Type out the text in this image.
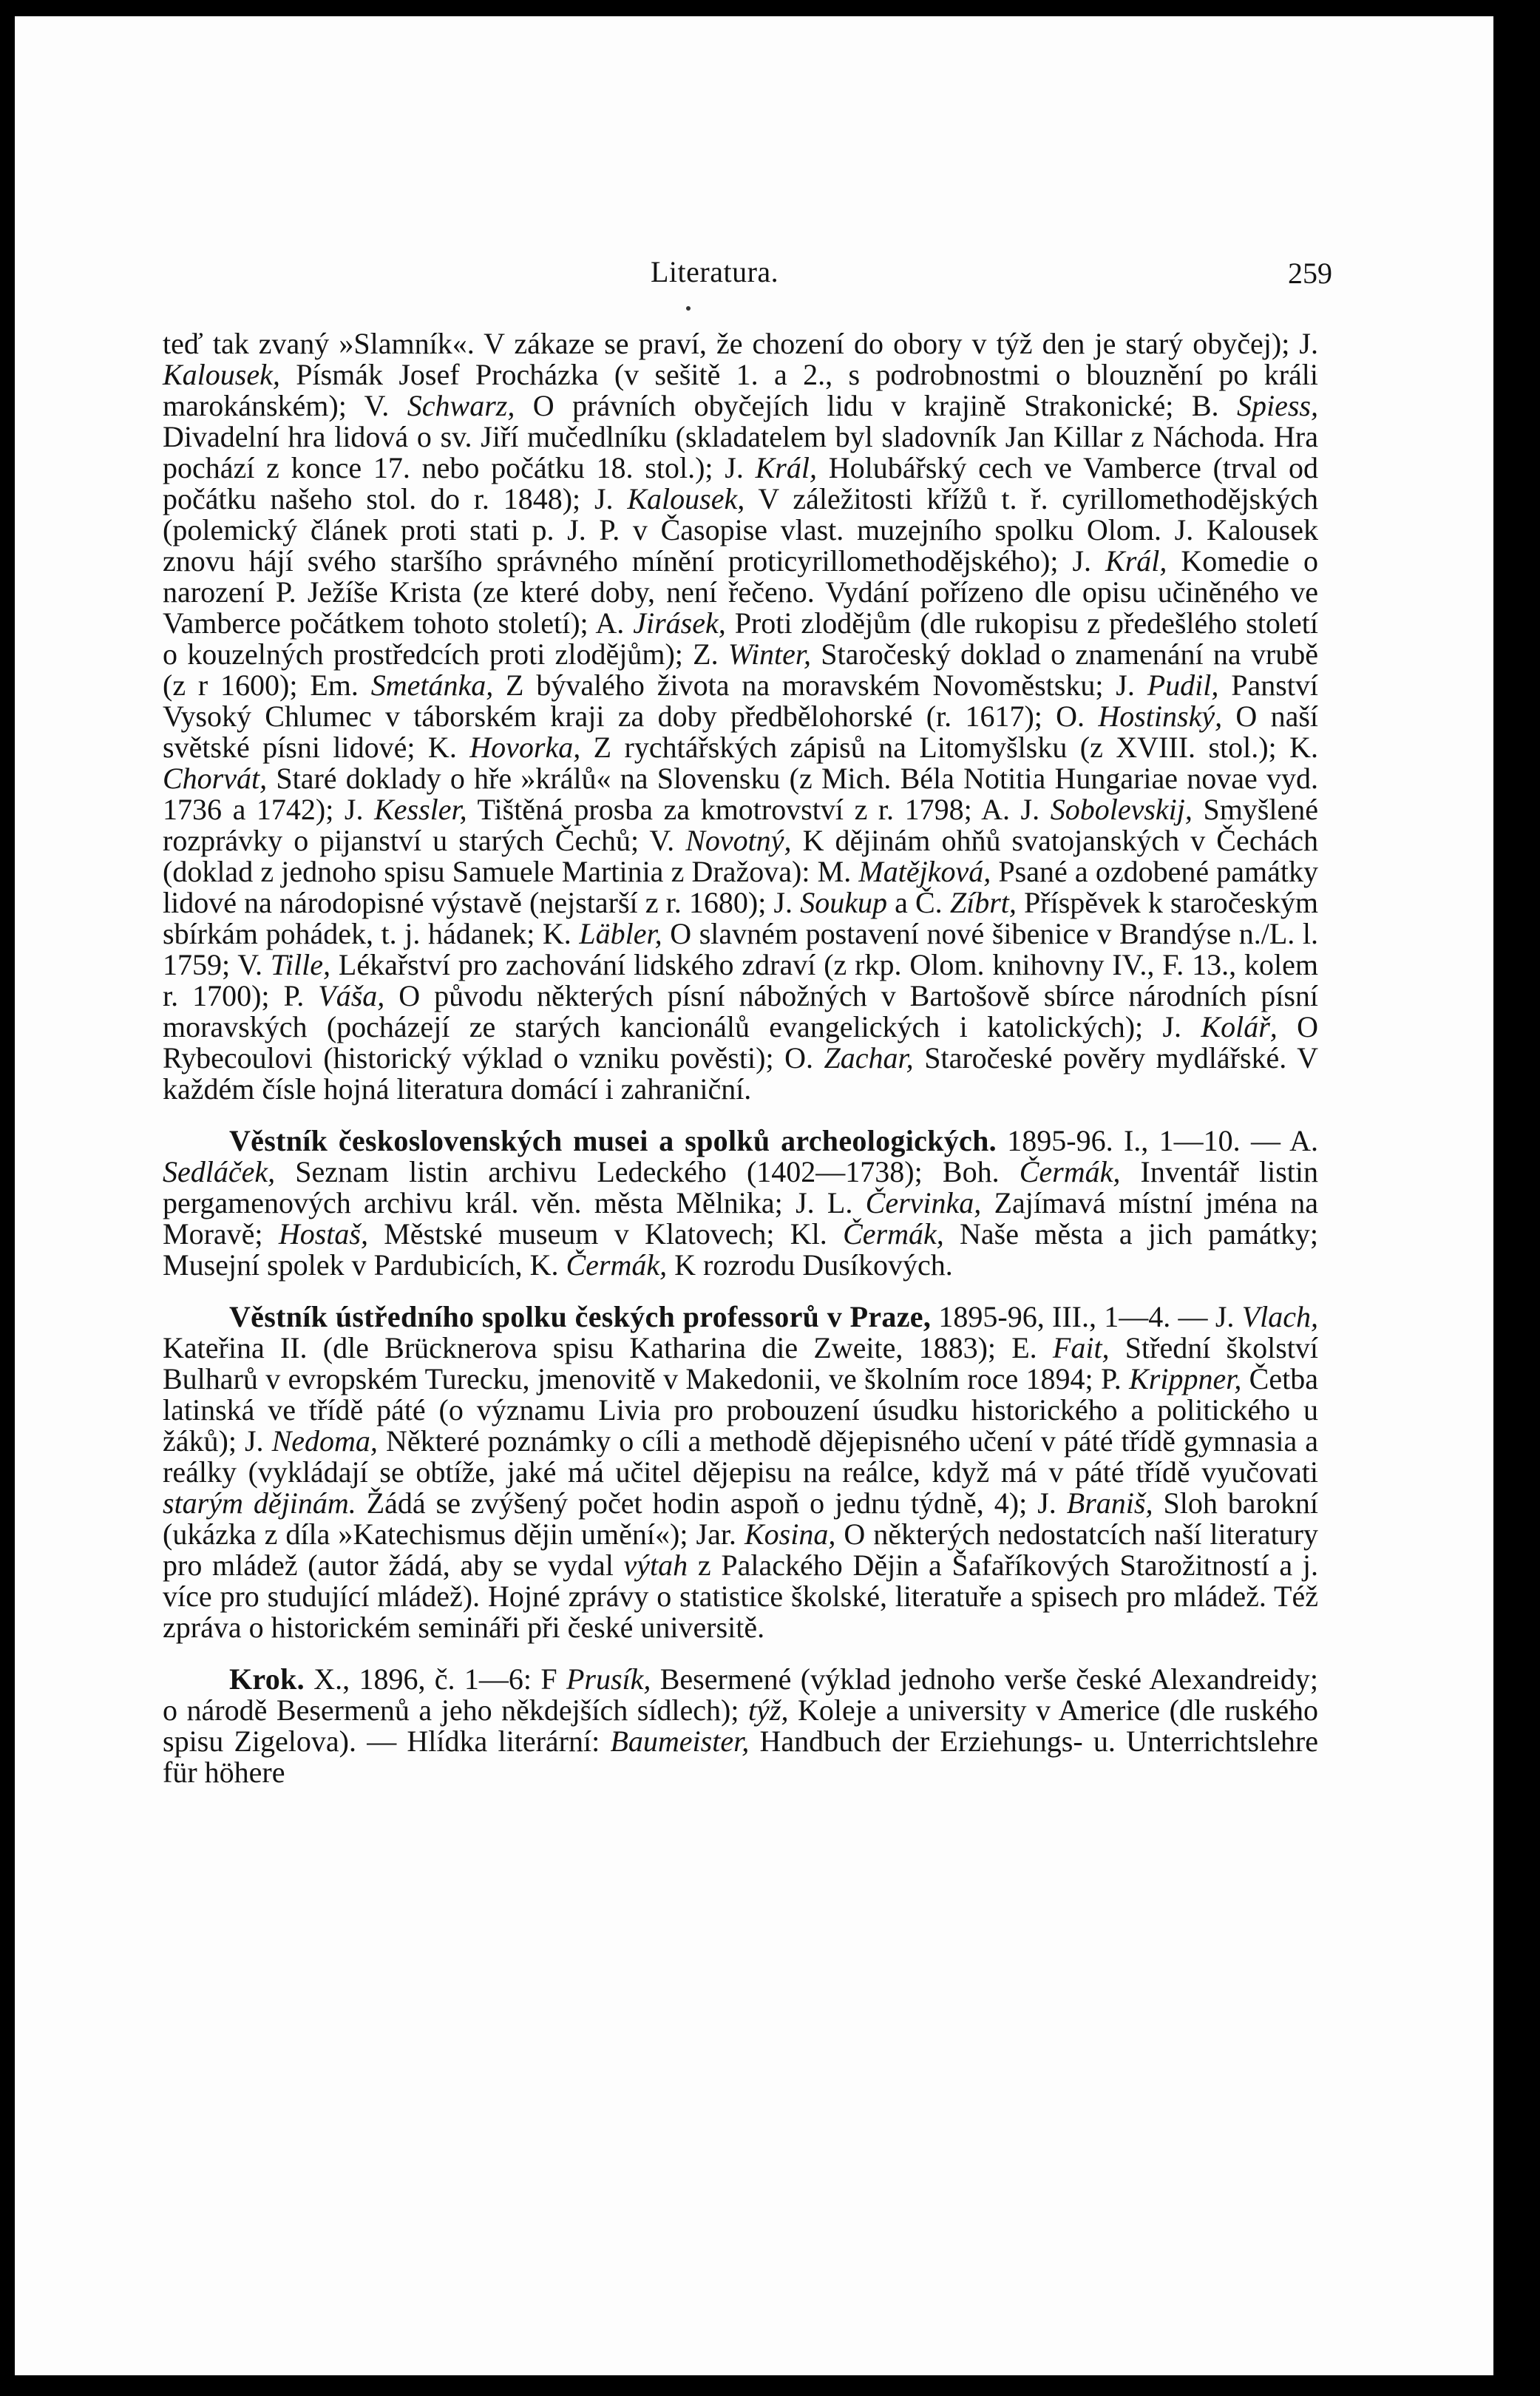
Literatura.	259

teď tak zvaný »Slamník«. V zákaze se praví, že chození do obory v týž den je starý obyčej); J. Kalousek, Písmák Josef Procházka (v sešitě 1. a 2., s podrobnostmi o blouznění po králi marokánském); V. Schwarz, O právních obyčejích lidu v krajině Strakonické; B. Spiess, Divadelní hra lidová o sv. Jiří mučedlníku (skladatelem byl sladovník Jan Killar z Náchoda. Hra pochází z konce 17. nebo počátku 18. stol.); J. Král, Holubářský cech ve Vamberce (trval od počátku našeho stol. do r. 1848); J. Kalousek, V záležitosti křížů t. ř. cyrillomethodějských (polemický článek proti stati p. J. P. v Časopise vlast. muzejního spolku Olom. J. Kalousek znovu hájí svého staršího správného mínění proticyrillomethodějského); J. Král, Komedie o narození P. Ježíše Krista (ze které doby, není řečeno. Vydání pořízeno dle opisu učiněného ve Vamberce počátkem tohoto století); A. Jirásek, Proti zlodějům (dle rukopisu z předešlého století o kouzelných prostředcích proti zlodějům); Z. Winter, Staročeský doklad o znamenání na vrubě (z r 1600); Em. Smetánka, Z bývalého života na moravském Novoměstsku; J. Pudil, Panství Vysoký Chlumec v táborském kraji za doby předbělohorské (r. 1617); O. Hostinský, O naší světské písni lidové; K. Hovorka, Z rychtářských zápisů na Litomyšlsku (z XVIII. stol.); K. Chorvát, Staré doklady o hře »králů« na Slovensku (z Mich. Béla Notitia Hungariae novae vyd. 1736 a 1742); J. Kessler, Tištěná prosba za kmotrovství z r. 1798; A. J. Sobolevskij, Smyšlené rozprávky o pijanství u starých Čechů; V. Novotný, K dějinám ohňů svatojanských v Čechách (doklad z jednoho spisu Samuele Martinia z Dražova): M. Matějková, Psané a ozdobené památky lidové na národopisné výstavě (nejstarší z r. 1680); J. Soukup a Č. Zíbrt, Příspěvek k staročeským sbírkám pohádek, t. j. hádanek; K. Läbler, O slavném postavení nové šibenice v Brandýse n./L. l. 1759; V. Tille, Lékařství pro zachování lidského zdraví (z rkp. Olom. knihovny IV., F. 13., kolem r. 1700); P. Váša, O původu některých písní nábožných v Bartošově sbírce národních písní moravských (pocházejí ze starých kancionálů evangelických i katolických); J. Kolář, O Rybecoulovi (historický výklad o vzniku pověsti); O. Zachar, Staročeské pověry mydlářské. V každém čísle hojná literatura domácí i zahraniční.

Věstník československých musei a spolků archeologických. 1895-96. I., 1—10. — A. Sedláček, Seznam listin archivu Ledeckého (1402—1738); Boh. Čermák, Inventář listin pergamenových archivu král. věn. města Mělnika; J. L. Červinka, Zajímavá místní jména na Moravě; Hostaš, Městské museum v Klatovech; Kl. Čermák, Naše města a jich památky; Musejní spolek v Pardubicích, K. Čermák, K rozrodu Dusíkových.

Věstník ústředního spolku českých professorů v Praze, 1895-96, III., 1—4. — J. Vlach, Kateřina II. (dle Brücknerova spisu Katharina die Zweite, 1883); E. Fait, Střední školství Bulharů v evropském Turecku, jmenovitě v Makedonii, ve školním roce 1894; P. Krippner, Četba latinská ve třídě páté (o významu Livia pro probouzení úsudku historického a politického u žáků); J. Nedoma, Některé poznámky o cíli a methodě dějepisného učení v páté třídě gymnasia a reálky (vykládají se obtíže, jaké má učitel dějepisu na reálce, když má v páté třídě vyučovati starým dějinám. Žádá se zvýšený počet hodin aspoň o jednu týdně, 4); J. Braniš, Sloh barokní (ukázka z díla »Katechismus dějin umění«); Jar. Kosina, O některých nedostatcích naší literatury pro mládež (autor žádá, aby se vydal výtah z Palackého Dějin a Šafaříkových Starožitností a j. více pro studující mládež). Hojné zprávy o statistice školské, literatuře a spisech pro mládež. Též zpráva o historickém semináři při české universitě.

Krok. X., 1896, č. 1—6: F Prusík, Besermené (výklad jednoho verše české Alexandreidy; o národě Besermenů a jeho někdejších sídlech); týž, Koleje a university v Americe (dle ruského spisu Zigelova). — Hlídka literární: Baumeister, Handbuch der Erziehungs- u. Unterrichtslehre für höhere
